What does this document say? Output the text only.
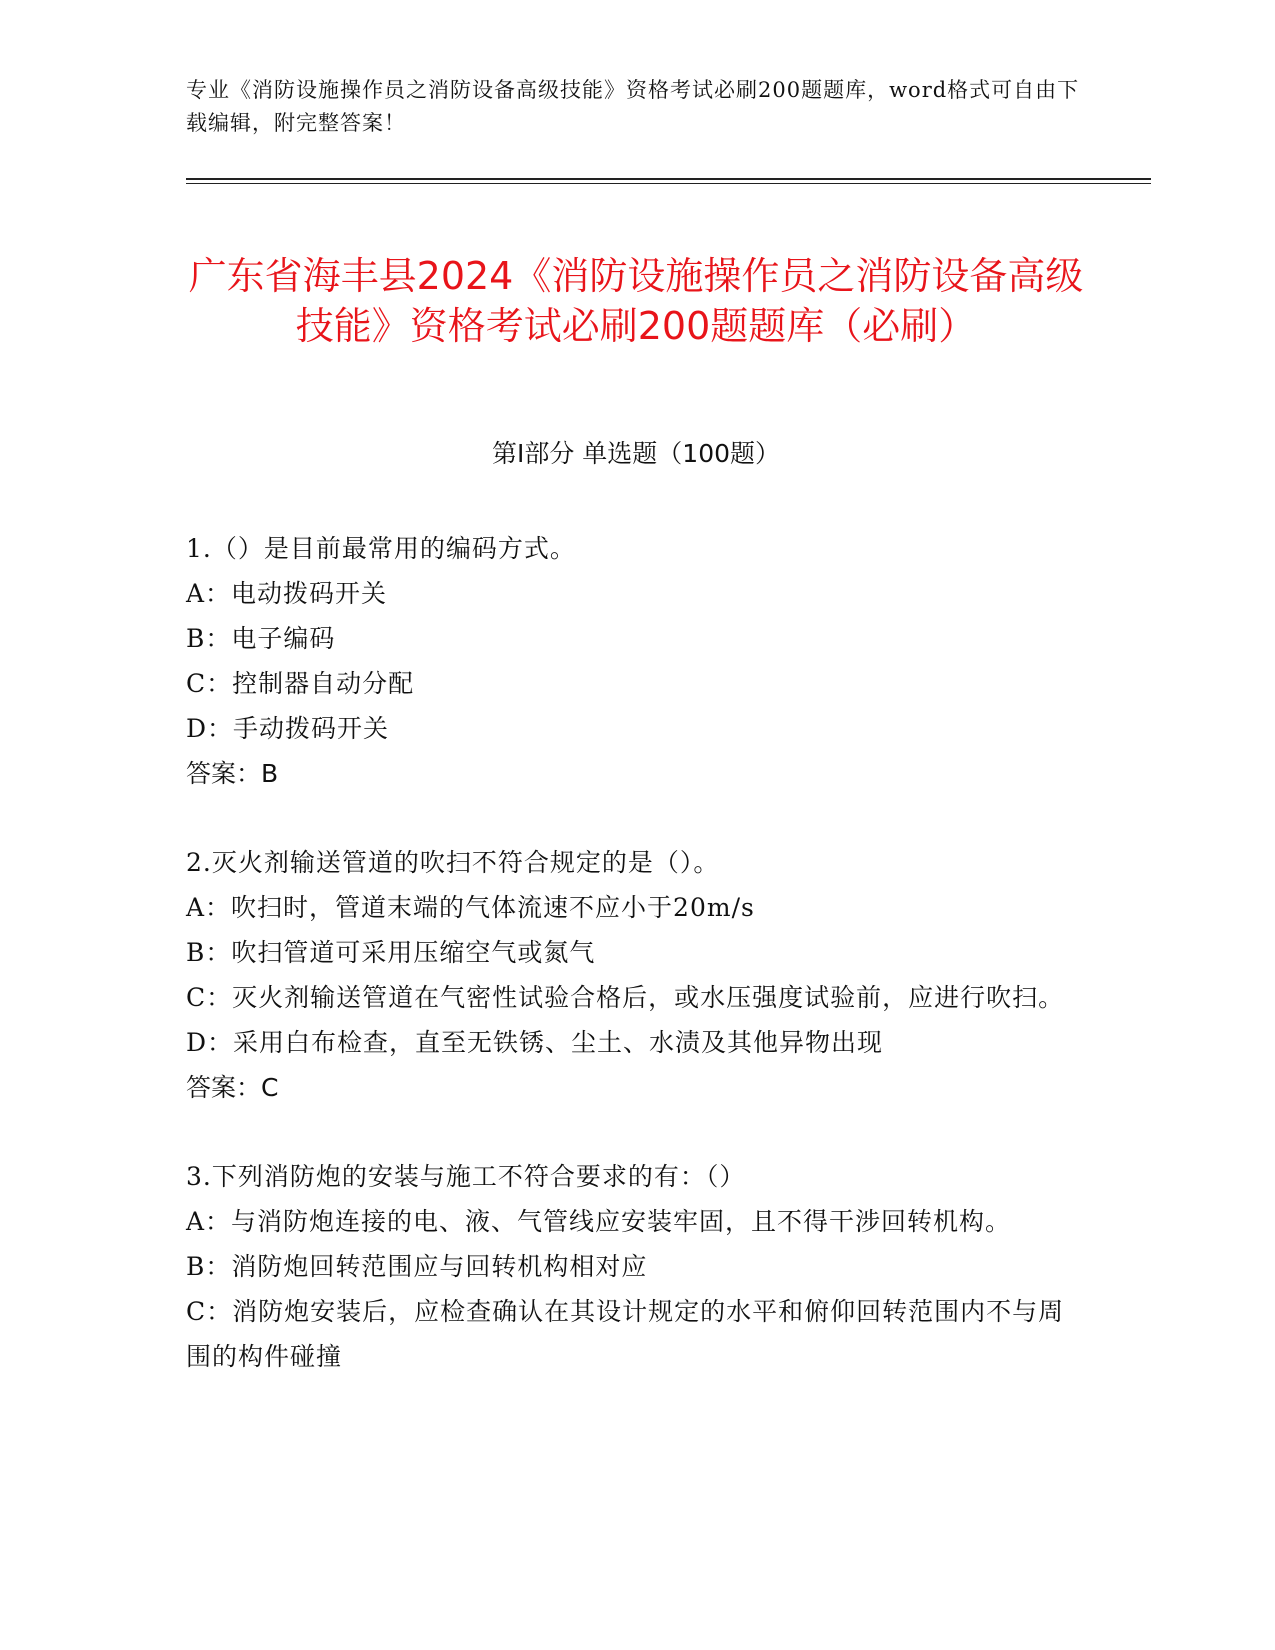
专业《消防设施操作员之消防设备高级技能》资格考试必刷200题题库，word格式可自由下载编辑，附完整答案！
广东省海丰县2024《消防设施操作员之消防设备高级技能》资格考试必刷200题题库（必刷）
第I部分 单选题（100题）
1.（）是目前最常用的编码方式。
A：电动拨码开关
B：电子编码
C：控制器自动分配
D：手动拨码开关
答案：B
2.灭火剂输送管道的吹扫不符合规定的是（）。
A：吹扫时，管道末端的气体流速不应小于20m/s
B：吹扫管道可采用压缩空气或氮气
C：灭火剂输送管道在气密性试验合格后，或水压强度试验前，应进行吹扫。
D：采用白布检查，直至无铁锈、尘土、水渍及其他异物出现
答案：C
3.下列消防炮的安装与施工不符合要求的有：（）
A：与消防炮连接的电、液、气管线应安装牢固，且不得干涉回转机构。
B：消防炮回转范围应与回转机构相对应
C：消防炮安装后，应检查确认在其设计规定的水平和俯仰回转范围内不与周围的构件碰撞
